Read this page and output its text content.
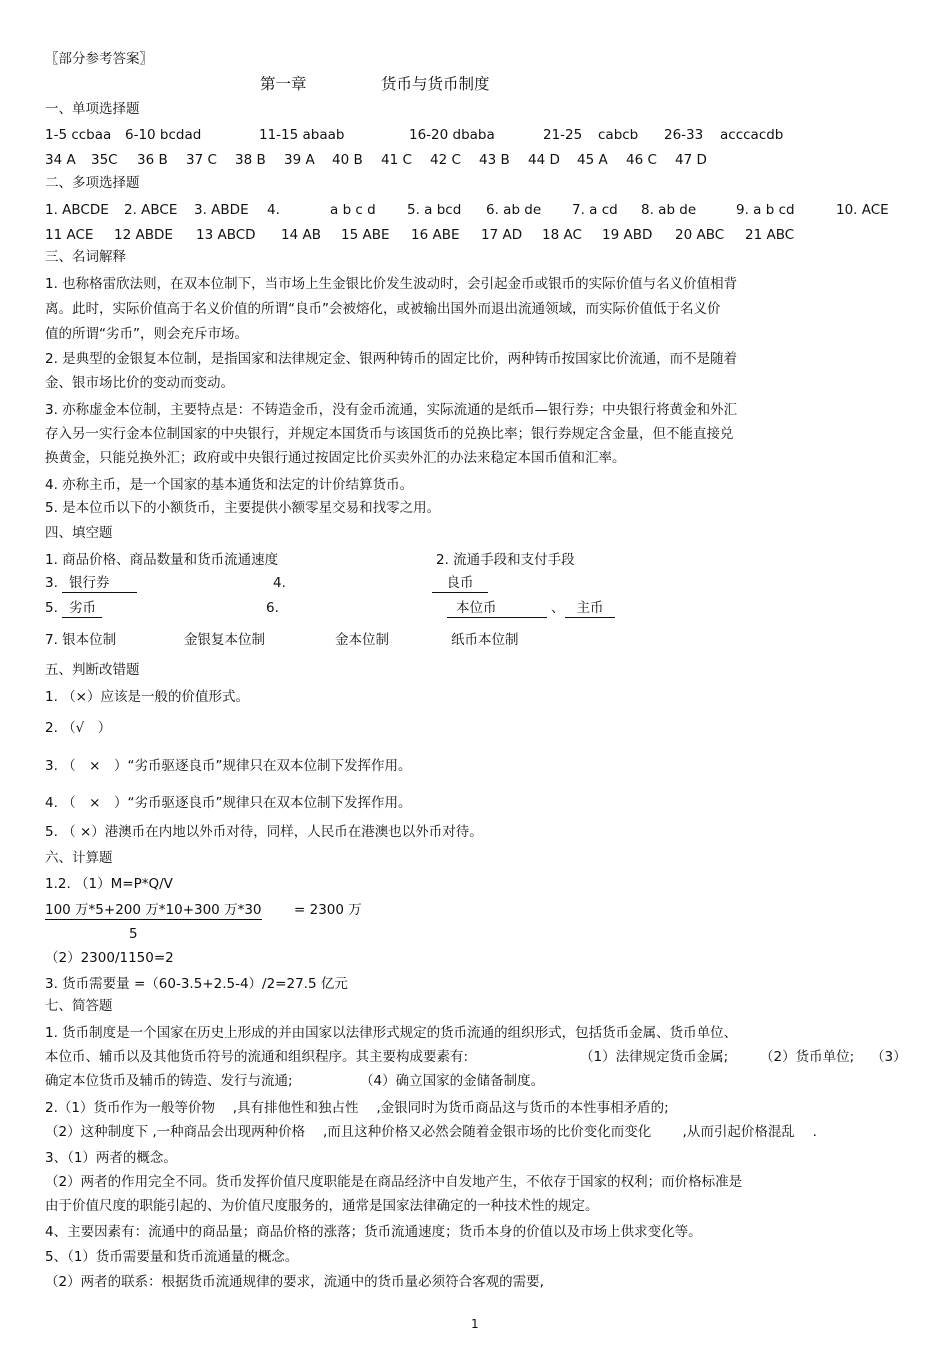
〖部分参考答案〗
第一章	货币与货币制度
一、单项选择题
1-5 ccbaa 6-10 bcdad	11-15 abaab	16-20 dbaba	21-25 cabcb 26-33 acccacdb
34 A 35C 36 B 37 C 38 B 39 A 40 B 41 C 42 C 43 B 44 D 45 A 46 C 47 D
二、多项选择题
1. ABCDE 2. ABCE 3. ABDE 4.	a b c d 5. a bcd 6. ab de 7. a cd 8. ab de	9. a b cd	10. ACE
11 ACE 12 ABDE 13 ABCD 14 AB 15 ABE 16 ABE 17 AD 18 AC 19 ABD 20 ABC 21 ABC
三、名词解释
1. 也称格雷欣法则，在双本位制下，当市场上生金银比价发生波动时，会引起金币或银币的实际价值与名义价值相背
离。此时，实际价值高于名义价值的所谓“良币”会被熔化，或被输出国外而退出流通领域，而实际价值低于名义价
值的所谓“劣币”，则会充斥市场。
2. 是典型的金银复本位制，是指国家和法律规定金、银两种铸币的固定比价，两种铸币按国家比价流通，而不是随着
金、银市场比价的变动而变动。
3. 亦称虚金本位制，主要特点是：不铸造金币，没有金币流通，实际流通的是纸币—银行券；中央银行将黄金和外汇
存入另一实行金本位制国家的中央银行，并规定本国货币与该国货币的兑换比率；银行券规定含金量，但不能直接兑
换黄金，只能兑换外汇；政府或中央银行通过按固定比价买卖外汇的办法来稳定本国币值和汇率。
4. 亦称主币，是一个国家的基本通货和法定的计价结算货币。
5. 是本位币以下的小额货币，主要提供小额零星交易和找零之用。
四、填空题
1. 商品价格、商品数量和货币流通速度	2. 流通手段和支付手段
3. 银行券	4.	良币
5. 劣币	6.	本位币	、 主币
7. 银本位制	金银复本位制	金本位制	纸币本位制
五、判断改错题
1. （×）应该是一般的价值形式。
2. （√　）
3. （　×　）“劣币驱逐良币”规律只在双本位制下发挥作用。
4. （　×　）“劣币驱逐良币”规律只在双本位制下发挥作用。
5. （ ×）港澳币在内地以外币对待，同样，人民币在港澳也以外币对待。
六、计算题
1.2. （1）M=P*Q/V
100 万*5+200 万*10+300 万*30 = 2300 万
5
（2）2300/1150=2
3. 货币需要量 =（60-3.5+2.5-4）/2=27.5 亿元
七、简答题
1. 货币制度是一个国家在历史上形成的并由国家以法律形式规定的货币流通的组织形式，包括货币金属、货币单位、
本位币、辅币以及其他货币符号的流通和组织程序。其主要构成要素有:	（1）法律规定货币金属; （2）货币单位; （3）
确定本位货币及辅币的铸造、发行与流通;	（4）确立国家的金储备制度。
2.（1）货币作为一般等价物　 ,具有排他性和独占性　 ,金银同时为货币商品这与货币的本性事相矛盾的;
（2）这种制度下 ,一种商品会出现两种价格　 ,而且这种价格又必然会随着金银市场的比价变化而变化　　 ,从而引起价格混乱　 .
3、（1）两者的概念。
（2）两者的作用完全不同。货币发挥价值尺度职能是在商品经济中自发地产生，不依存于国家的权利；而价格标准是
由于价值尺度的职能引起的、为价值尺度服务的，通常是国家法律确定的一种技术性的规定。
4、主要因素有：流通中的商品量；商品价格的涨落；货币流通速度；货币本身的价值以及市场上供求变化等。
5、（1）货币需要量和货币流通量的概念。
（2）两者的联系：根据货币流通规律的要求，流通中的货币量必须符合客观的需要,
1
